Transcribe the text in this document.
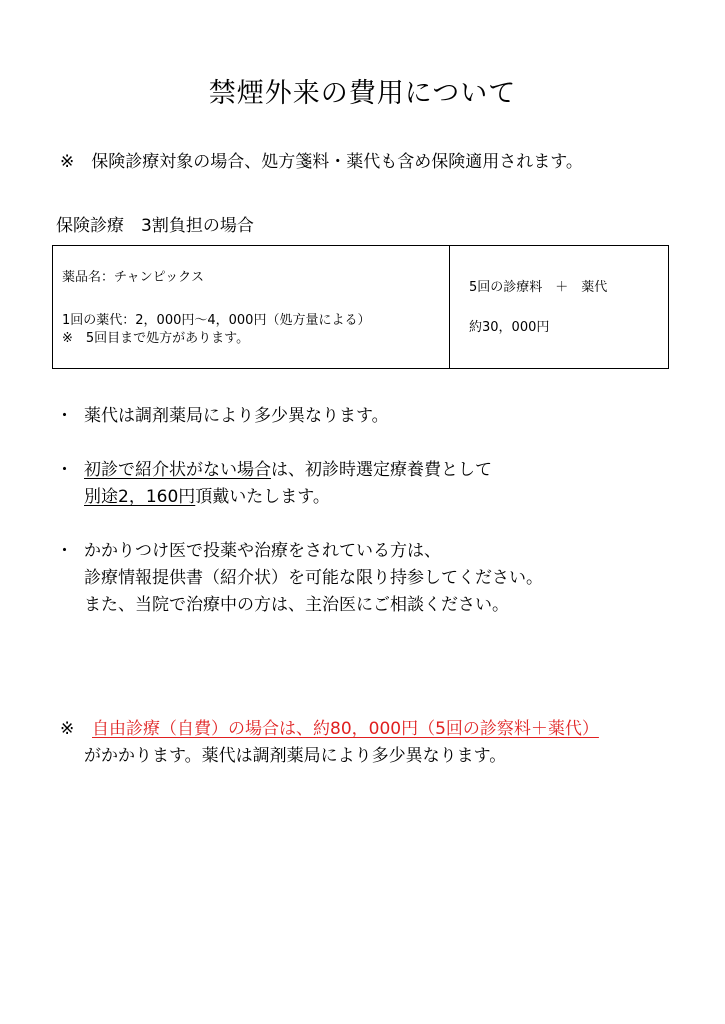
禁煙外来の費用について
※　保険診療対象の場合、処方箋料・薬代も含め保険適用されます。
保険診療　3割負担の場合
薬品名：チャンピックス
1回の薬代：2，000円～4，000円（処方量による）
※　5回目まで処方があります。
5回の診療料　＋　薬代
約30，000円
・ 薬代は調剤薬局により多少異なります。
・ 初診で紹介状がない場合は、初診時選定療養費として
別途2，160円頂戴いたします。
・ かかりつけ医で投薬や治療をされている方は、
診療情報提供書（紹介状）を可能な限り持参してください。
また、当院で治療中の方は、主治医にご相談ください。
※ 自由診療（自費）の場合は、約80，000円（5回の診察料＋薬代）
がかかります。薬代は調剤薬局により多少異なります。
